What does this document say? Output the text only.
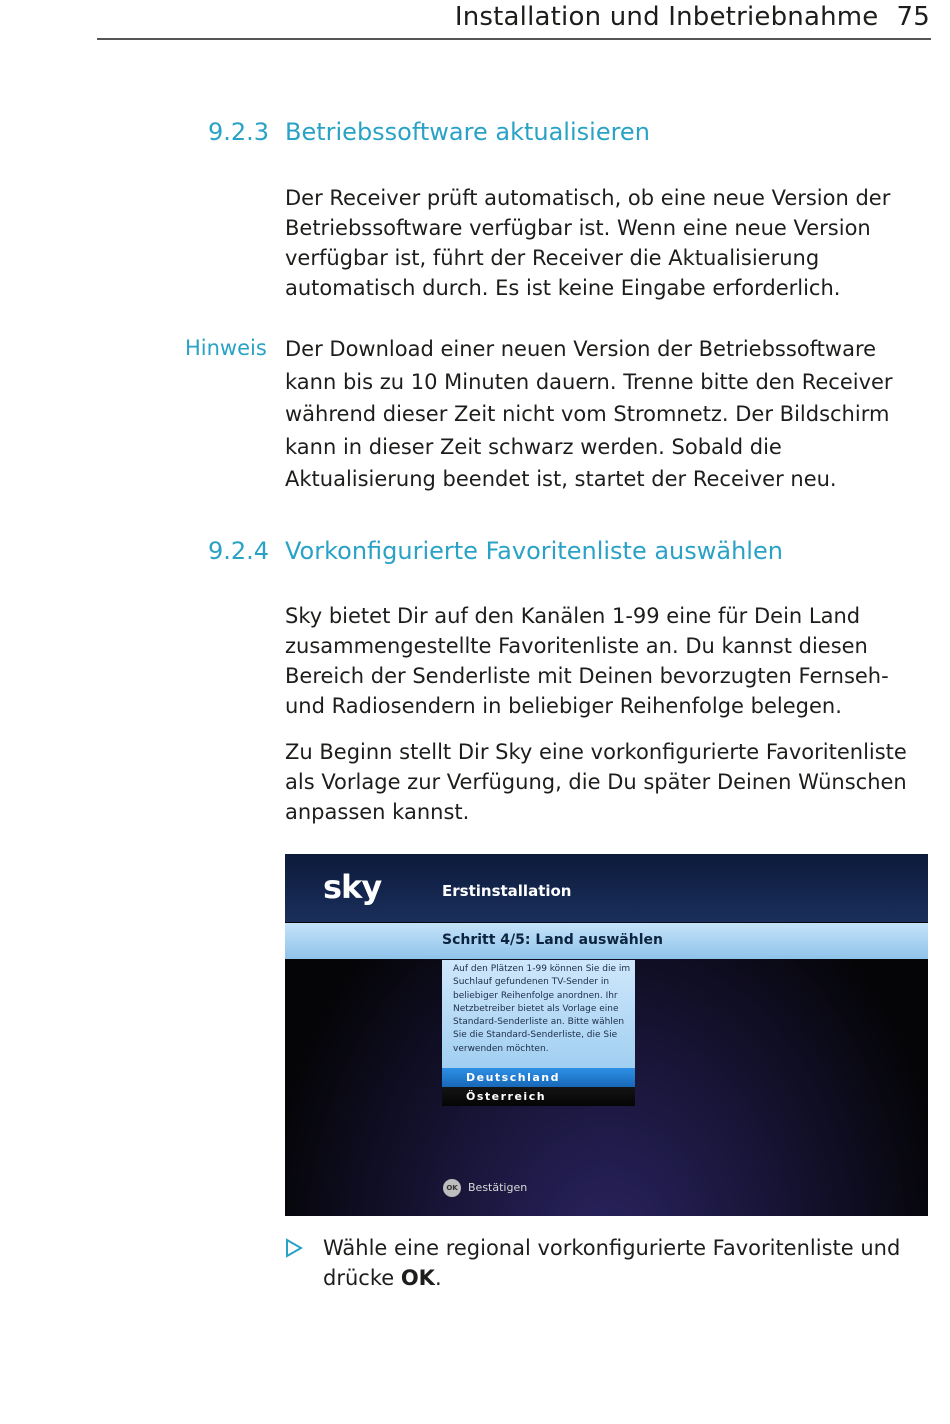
Installation und Inbetriebnahme 75
9.2.3 Betriebssoftware aktualisieren

Der Receiver prüft automatisch, ob eine neue Version der Betriebssoftware verfügbar ist. Wenn eine neue Version verfügbar ist, führt der Receiver die Aktualisierung automatisch durch. Es ist keine Eingabe erforderlich.

Hinweis Der Download einer neuen Version der Betriebssoftware kann bis zu 10 Minuten dauern. Trenne bitte den Receiver während dieser Zeit nicht vom Stromnetz. Der Bildschirm kann in dieser Zeit schwarz werden. Sobald die Aktualisierung beendet ist, startet der Receiver neu.

9.2.4 Vorkonfigurierte Favoritenliste auswählen

Sky bietet Dir auf den Kanälen 1-99 eine für Dein Land zusammengestellte Favoritenliste an. Du kannst diesen Bereich der Senderliste mit Deinen bevorzugten Fernseh- und Radiosendern in beliebiger Reihenfolge belegen.

Zu Beginn stellt Dir Sky eine vorkonfigurierte Favoritenliste als Vorlage zur Verfügung, die Du später Deinen Wünschen anpassen kannst.

sky	Erstinstallation
Schritt 4/5: Land auswählen

Auf den Plätzen 1-99 können Sie die im Suchlauf gefundenen TV-Sender in beliebiger Reihenfolge anordnen. Ihr Netzbetreiber bietet als Vorlage eine Standard-Senderliste an. Bitte wählen Sie die Standard-Senderliste, die Sie verwenden möchten.

Deutschland
Österreich
OK Bestätigen

Wähle eine regional vorkonfigurierte Favoritenliste und drücke OK.
